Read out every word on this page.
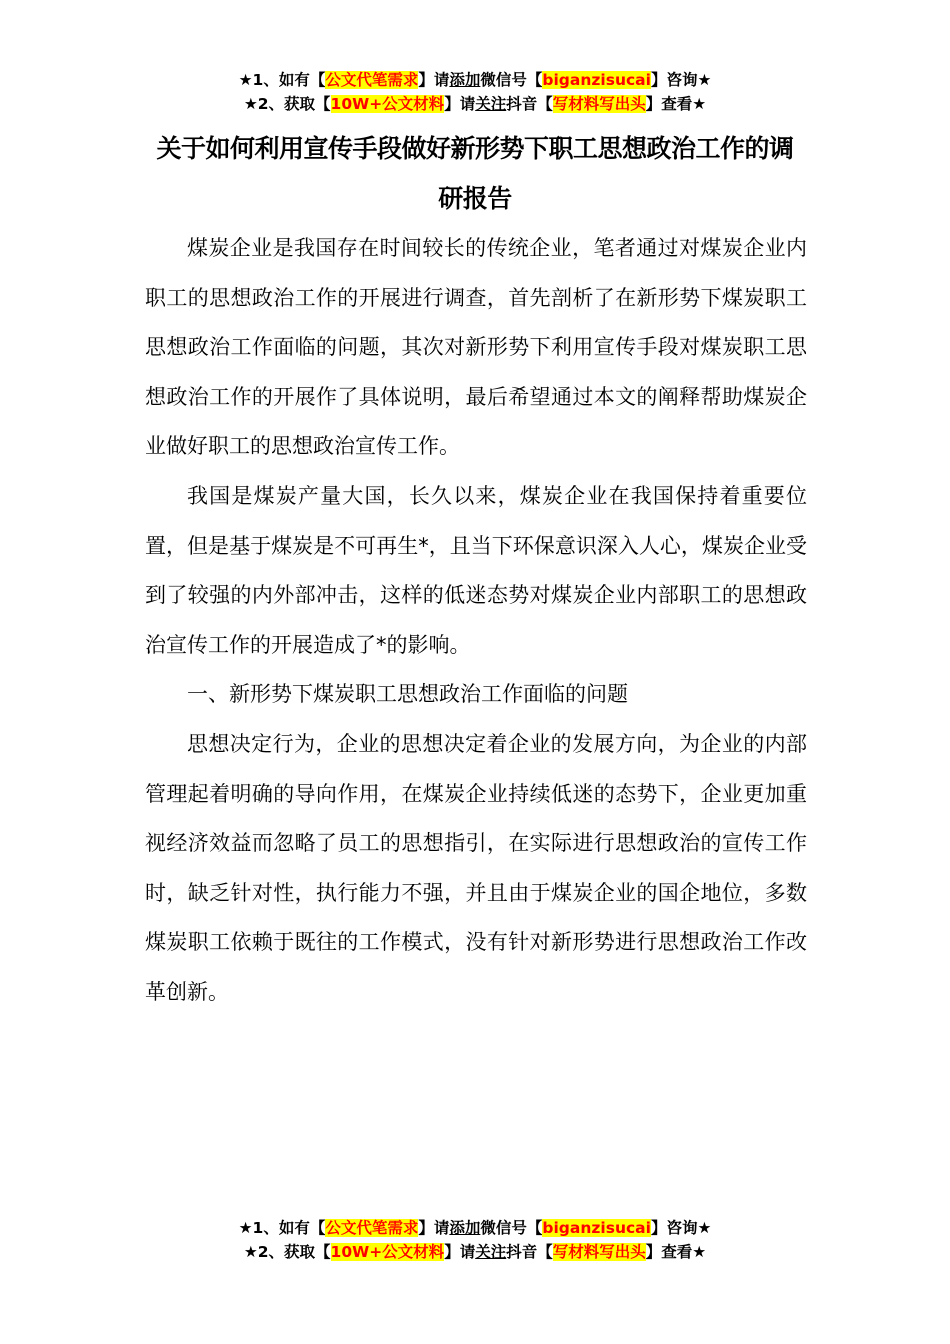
★1、如有【公文代笔需求】请添加微信号【biganzisucai】咨询★
★2、获取【10W+公文材料】请关注抖音【写材料写出头】查看★
关于如何利用宣传手段做好新形势下职工思想政治工作的调研报告

煤炭企业是我国存在时间较长的传统企业，笔者通过对煤炭企业内职工的思想政治工作的开展进行调查，首先剖析了在新形势下煤炭职工思想政治工作面临的问题，其次对新形势下利用宣传手段对煤炭职工思想政治工作的开展作了具体说明，最后希望通过本文的阐释帮助煤炭企业做好职工的思想政治宣传工作。

我国是煤炭产量大国，长久以来，煤炭企业在我国保持着重要位置，但是基于煤炭是不可再生*，且当下环保意识深入人心，煤炭企业受到了较强的内外部冲击，这样的低迷态势对煤炭企业内部职工的思想政治宣传工作的开展造成了*的影响。

一、新形势下煤炭职工思想政治工作面临的问题

思想决定行为，企业的思想决定着企业的发展方向，为企业的内部管理起着明确的导向作用，在煤炭企业持续低迷的态势下，企业更加重视经济效益而忽略了员工的思想指引，在实际进行思想政治的宣传工作时，缺乏针对性，执行能力不强，并且由于煤炭企业的国企地位，多数煤炭职工依赖于既往的工作模式，没有针对新形势进行思想政治工作改革创新。

★1、如有【公文代笔需求】请添加微信号【biganzisucai】咨询★
★2、获取【10W+公文材料】请关注抖音【写材料写出头】查看★
